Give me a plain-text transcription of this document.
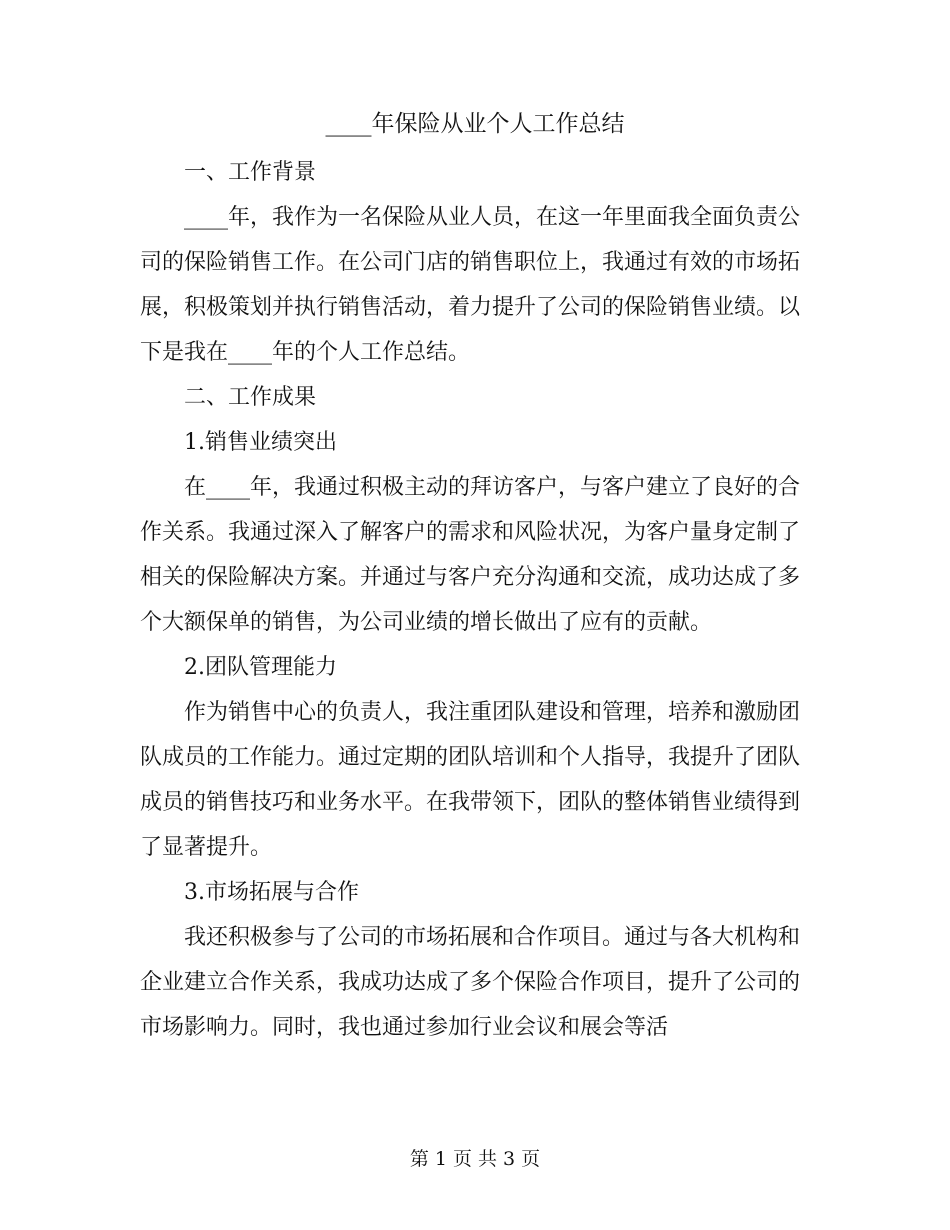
____年保险从业个人工作总结

一、工作背景

____年，我作为一名保险从业人员，在这一年里面我全面负责公司的保险销售工作。在公司门店的销售职位上，我通过有效的市场拓展，积极策划并执行销售活动，着力提升了公司的保险销售业绩。以下是我在____年的个人工作总结。

二、工作成果

1.销售业绩突出

在____年，我通过积极主动的拜访客户，与客户建立了良好的合作关系。我通过深入了解客户的需求和风险状况，为客户量身定制了相关的保险解决方案。并通过与客户充分沟通和交流，成功达成了多个大额保单的销售，为公司业绩的增长做出了应有的贡献。

2.团队管理能力

作为销售中心的负责人，我注重团队建设和管理，培养和激励团队成员的工作能力。通过定期的团队培训和个人指导，我提升了团队成员的销售技巧和业务水平。在我带领下，团队的整体销售业绩得到了显著提升。

3.市场拓展与合作

我还积极参与了公司的市场拓展和合作项目。通过与各大机构和企业建立合作关系，我成功达成了多个保险合作项目，提升了公司的市场影响力。同时，我也通过参加行业会议和展会等活

第 1 页 共 3 页
